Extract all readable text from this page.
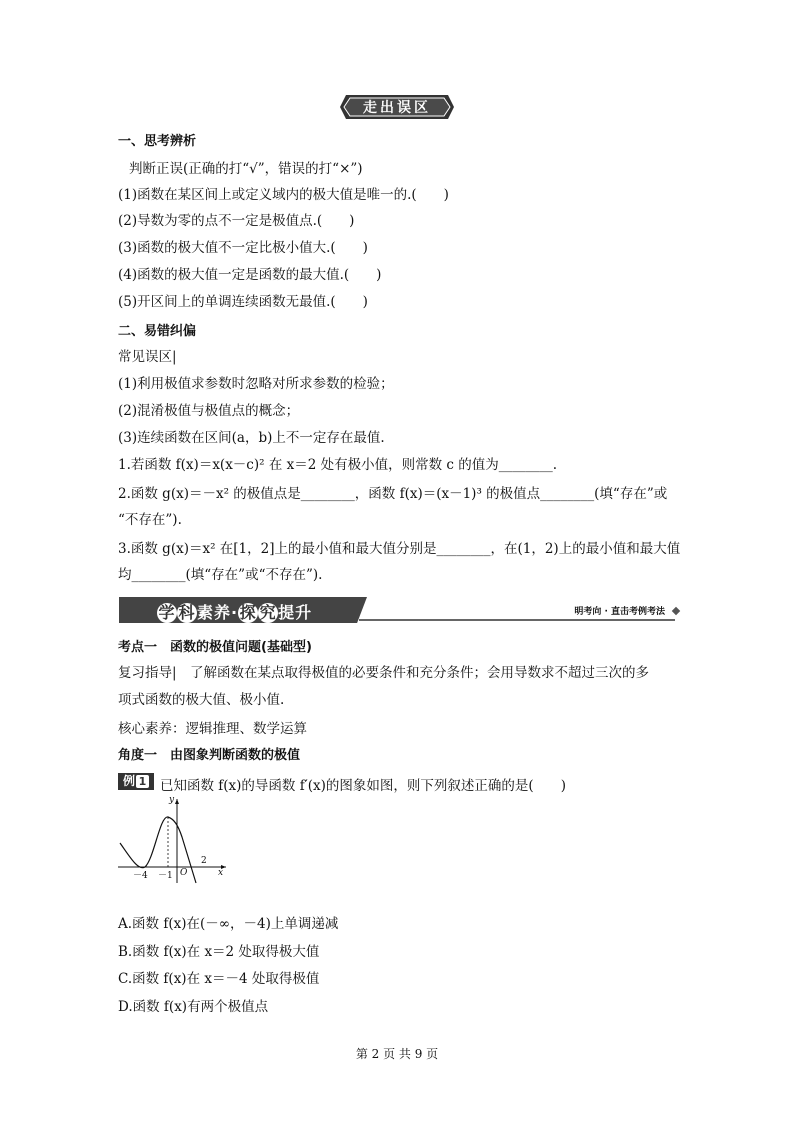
走出误区
一、思考辨析
判断正误(正确的打“√”，错误的打“×”)
(1)函数在某区间上或定义域内的极大值是唯一的.(　　)
(2)导数为零的点不一定是极值点.(　　)
(3)函数的极大值不一定比极小值大.(　　)
(4)函数的极大值一定是函数的最大值.(　　)
(5)开区间上的单调连续函数无最值.(　　)
二、易错纠偏
常见误区|
(1)利用极值求参数时忽略对所求参数的检验；
(2)混淆极值与极值点的概念；
(3)连续函数在区间(a，b)上不一定存在最值.
1.若函数 f(x)＝x(x－c)² 在 x＝2 处有极小值，则常数 c 的值为________.
2.函数 g(x)＝－x² 的极值点是________，函数 f(x)＝(x－1)³ 的极值点________(填“存在”或
“不存在”).
3.函数 g(x)＝x² 在[1，2]上的最小值和最大值分别是________，在(1，2)上的最小值和最大值
均________(填“存在”或“不存在”).
学 科素养·探 究提升	明考向 · 直击考例考法
考点一　函数的极值问题(基础型)
复习指导|　了解函数在某点取得极值的必要条件和充分条件；会用导数求不超过三次的多
项式函数的极大值、极小值.
核心素养：逻辑推理、数学运算
角度一　由图象判断函数的极值
例 1	已知函数 f(x)的导函数 f′(x)的图象如图，则下列叙述正确的是(　　)
y
x
O
－4 －1
2
A.函数 f(x)在(－∞，－4)上单调递减
B.函数 f(x)在 x＝2 处取得极大值
C.函数 f(x)在 x＝－4 处取得极值
D.函数 f(x)有两个极值点
第 2 页 共 9 页
